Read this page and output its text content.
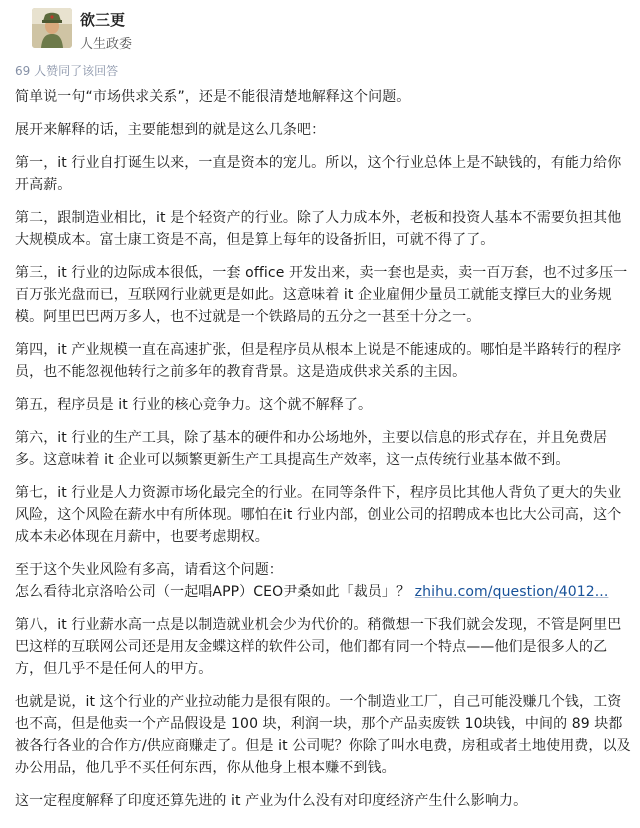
欲三更
人生政委
69 人赞同了该回答

简单说一句“市场供求关系”，还是不能很清楚地解释这个问题。

展开来解释的话，主要能想到的就是这么几条吧：

第一，it 行业自打诞生以来，一直是资本的宠儿。所以，这个行业总体上是不缺钱的，有能力给你开高薪。

第二，跟制造业相比，it 是个轻资产的行业。除了人力成本外，老板和投资人基本不需要负担其他大规模成本。富士康工资是不高，但是算上每年的设备折旧，可就不得了了。

第三，it 行业的边际成本很低，一套 office 开发出来，卖一套也是卖，卖一百万套，也不过多压一百万张光盘而已，互联网行业就更是如此。这意味着 it 企业雇佣少量员工就能支撑巨大的业务规模。阿里巴巴两万多人，也不过就是一个铁路局的五分之一甚至十分之一。

第四，it 产业规模一直在高速扩张，但是程序员从根本上说是不能速成的。哪怕是半路转行的程序员，也不能忽视他转行之前多年的教育背景。这是造成供求关系的主因。

第五，程序员是 it 行业的核心竞争力。这个就不解释了。

第六，it 行业的生产工具，除了基本的硬件和办公场地外，主要以信息的形式存在，并且免费居多。这意味着 it 企业可以频繁更新生产工具提高生产效率，这一点传统行业基本做不到。

第七，it 行业是人力资源市场化最完全的行业。在同等条件下，程序员比其他人背负了更大的失业风险，这个风险在薪水中有所体现。哪怕在it 行业内部，创业公司的招聘成本也比大公司高，这个成本未必体现在月薪中，也要考虑期权。

至于这个失业风险有多高，请看这个问题：

怎么看待北京洛哈公司（一起唱APP）CEO尹桑如此「裁员」？ zhihu.com/question/4012...

第八，it 行业薪水高一点是以制造就业机会少为代价的。稍微想一下我们就会发现，不管是阿里巴巴这样的互联网公司还是用友金蝶这样的软件公司，他们都有同一个特点——他们是很多人的乙方，但几乎不是任何人的甲方。

也就是说，it 这个行业的产业拉动能力是很有限的。一个制造业工厂，自己可能没赚几个钱，工资也不高，但是他卖一个产品假设是 100 块，利润一块，那个产品卖废铁 10块钱，中间的 89 块都被各行各业的合作方/供应商赚走了。但是 it 公司呢？你除了叫水电费，房租或者土地使用费，以及办公用品，他几乎不买任何东西，你从他身上根本赚不到钱。

这一定程度解释了印度还算先进的 it 产业为什么没有对印度经济产生什么影响力。
